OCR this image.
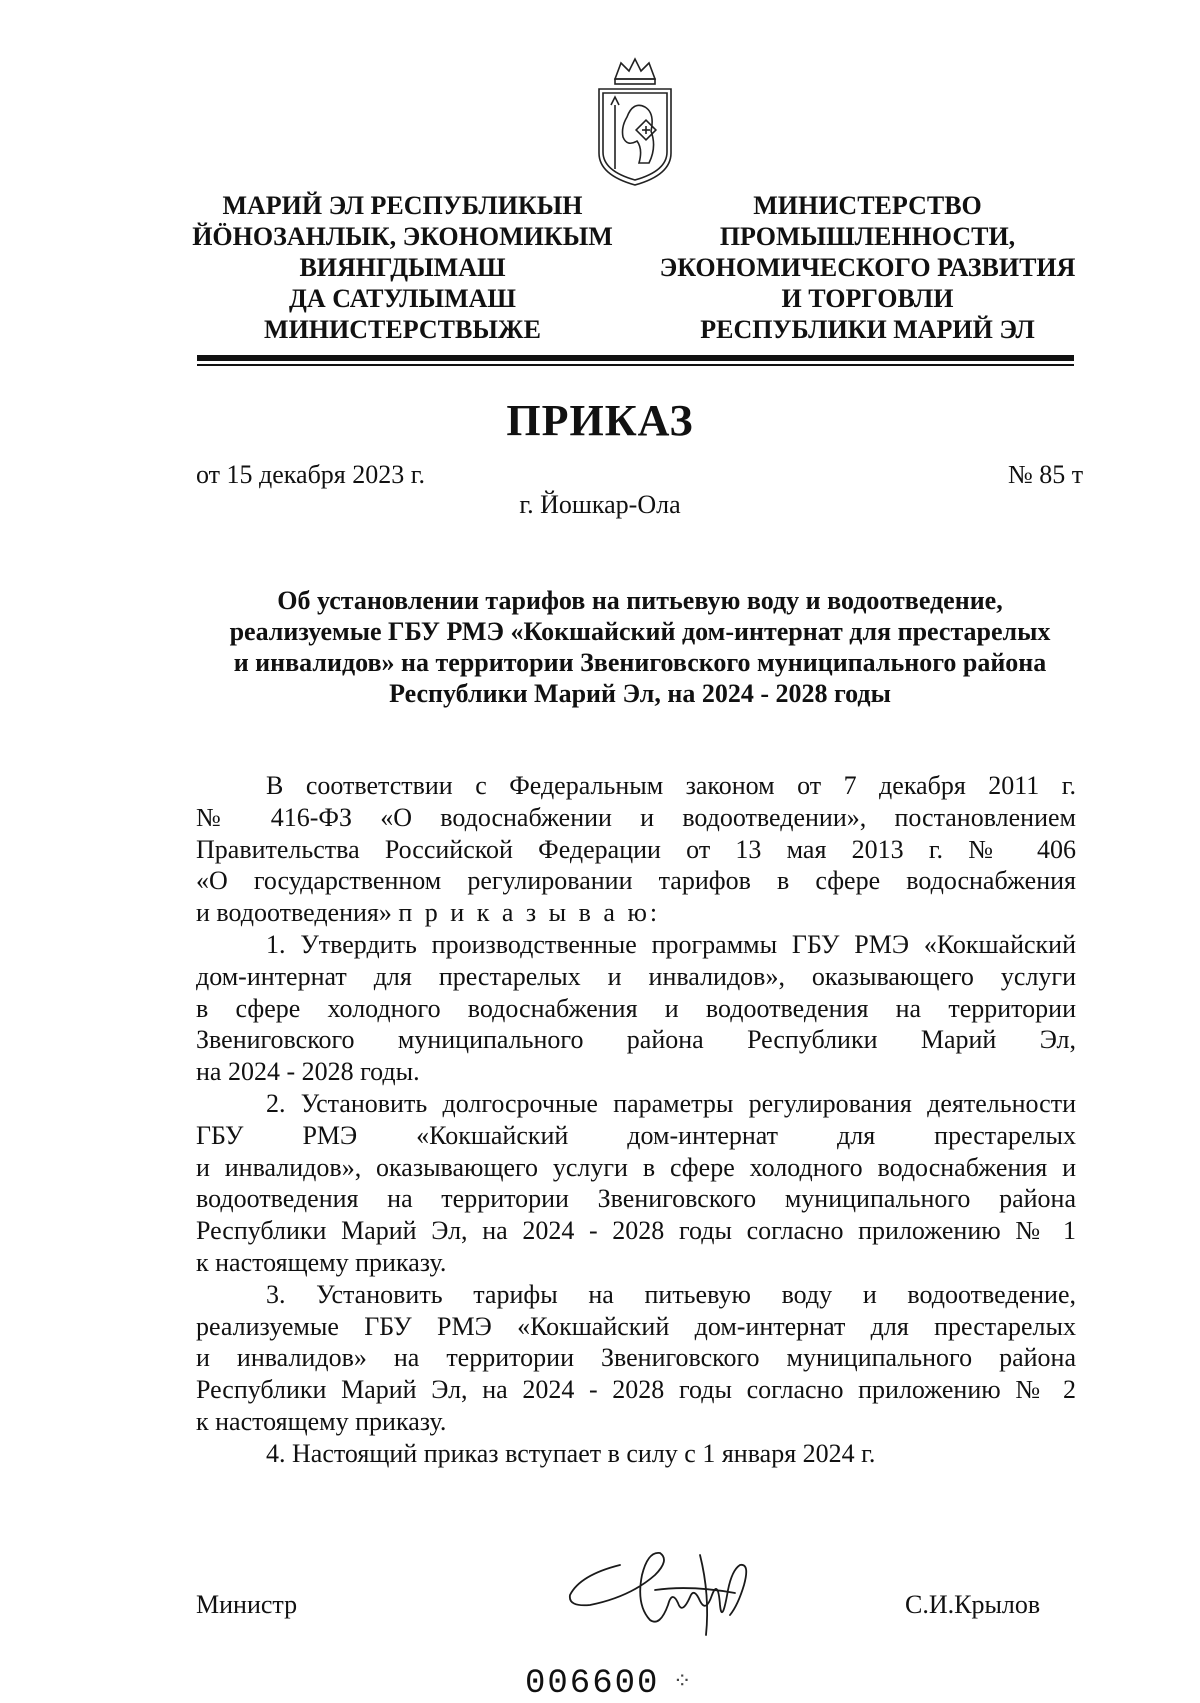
МАРИЙ ЭЛ РЕСПУБЛИКЫН
ЙӦНОЗАНЛЫК, ЭКОНОМИКЫМ
ВИЯНГДЫМАШ
ДА САТУЛЫМАШ
МИНИСТЕРСТВЫЖЕ
МИНИСТЕРСТВО
ПРОМЫШЛЕННОСТИ,
ЭКОНОМИЧЕСКОГО РАЗВИТИЯ
И ТОРГОВЛИ
РЕСПУБЛИКИ МАРИЙ ЭЛ
ПРИКАЗ
от 15 декабря 2023 г.	№ 85 т
г. Йошкар-Ола
Об установлении тарифов на питьевую воду и водоотведение,
реализуемые ГБУ РМЭ «Кокшайский дом-интернат для престарелых
и инвалидов» на территории Звениговского муниципального района
Республики Марий Эл, на 2024 - 2028 годы
В соответствии с Федеральным законом от 7 декабря 2011 г.
№ 416-ФЗ «О водоснабжении и водоотведении», постановлением
Правительства Российской Федерации от 13 мая 2013 г. № 406
«О государственном регулировании тарифов в сфере водоснабжения
и водоотведения» п р и к а з ы в а ю:
1. Утвердить производственные программы ГБУ РМЭ «Кокшайский
дом-интернат для престарелых и инвалидов», оказывающего услуги
в сфере холодного водоснабжения и водоотведения на территории
Звениговского муниципального района Республики Марий Эл,
на 2024 - 2028 годы.
2. Установить долгосрочные параметры регулирования деятельности
ГБУ РМЭ «Кокшайский дом-интернат для престарелых
и инвалидов», оказывающего услуги в сфере холодного водоснабжения и
водоотведения на территории Звениговского муниципального района
Республики Марий Эл, на 2024 - 2028 годы согласно приложению № 1
к настоящему приказу.
3. Установить тарифы на питьевую воду и водоотведение,
реализуемые ГБУ РМЭ «Кокшайский дом-интернат для престарелых
и инвалидов» на территории Звениговского муниципального района
Республики Марий Эл, на 2024 - 2028 годы согласно приложению № 2
к настоящему приказу.
4. Настоящий приказ вступает в силу с 1 января 2024 г.
Министр	С.И.Крылов
006600 ⁘
